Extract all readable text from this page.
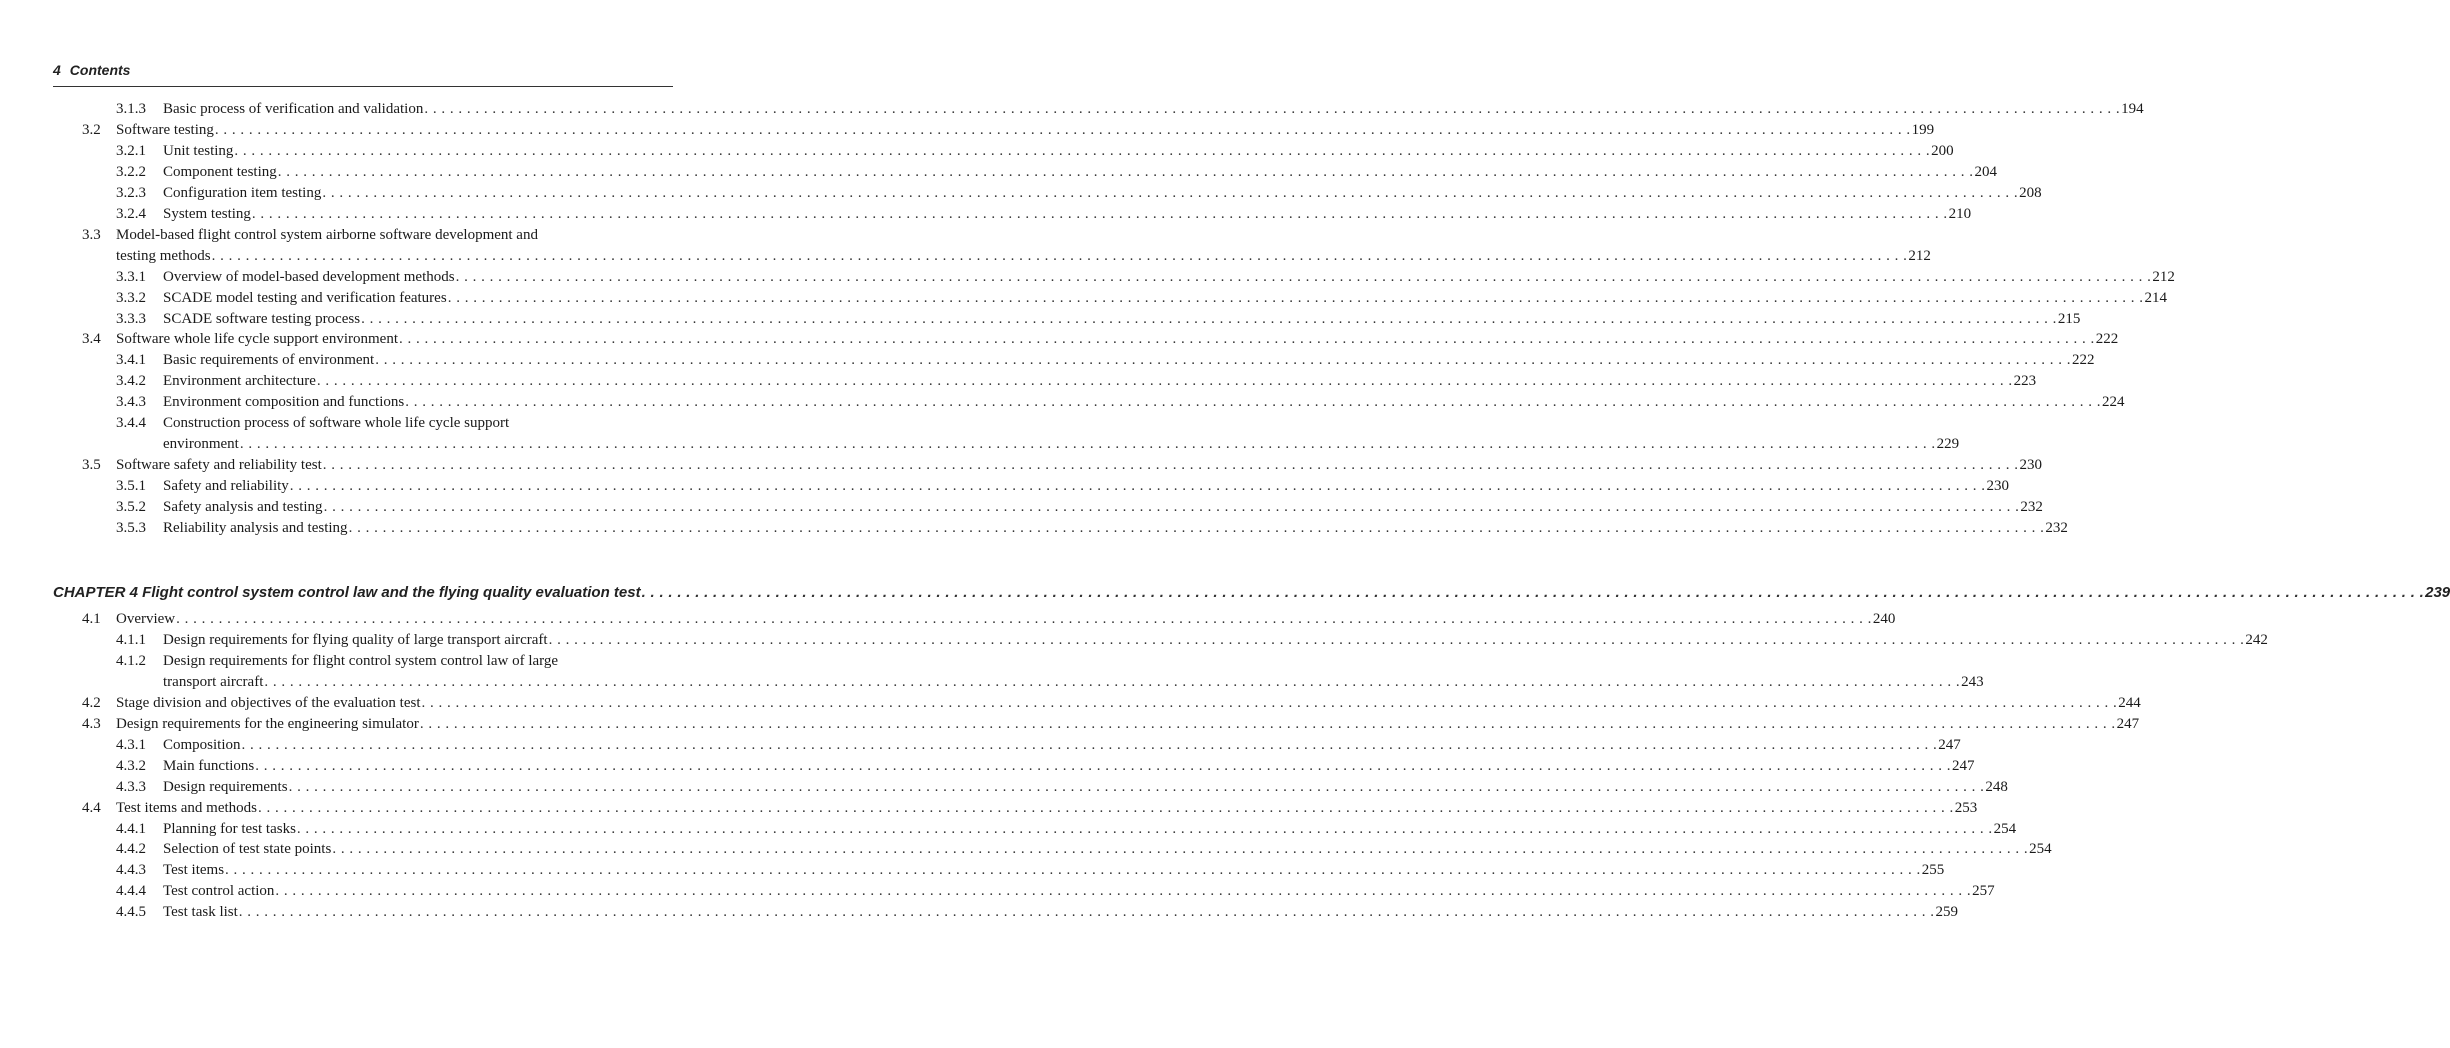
4 Contents
3.1.3 Basic process of verification and validation . . . . . . . . . . . . . . . . . . . . . . . . . . . . . . . . . . . . . . . . . . . . . . . . . . . . . . . . . . . . . . . . . . . . . . . . . . . . . . . . . . . . . . . . . . . . . . . . . . . . . . . . . . . . . . . . . . . . . . . . . . . . . . . . . . . . . . . . . . . . . . . . . . . . . . . . . . . . . . . . . . . . . . . . . . . . . . . . . . . . . . . . . . . . . . . . . . . . . . . . 194
3.2 Software testing . . . . . . . . . . . . . . . . . . . . . . . . . . . . . . . . . . . . . . . . . . . . . . . . . . . . . . . . . . . . . . . . . . . . . . . . . . . . . . . . . . . . . . . . . . . . . . . . . . . . . . . . . . . . . . . . . . . . . . . . . . . . . . . . . . . . . . . . . . . . . . . . . . . . . . . . . . . . . . . . . . . . . . . . . . . . . . . . . . . . . . . . . . . . . . . . . . . . . . . . 199
3.2.1 Unit testing . . . . . . . . . . . . . . . . . . . . . . . . . . . . . . . . . . . . . . . . . . . . . . . . . . . . . . . . . . . . . . . . . . . . . . . . . . . . . . . . . . . . . . . . . . . . . . . . . . . . . . . . . . . . . . . . . . . . . . . . . . . . . . . . . . . . . . . . . . . . . . . . . . . . . . . . . . . . . . . . . . . . . . . . . . . . . . . . . . . . . . . . . . . . . . . . . . . . . . . . 200
3.2.2 Component testing . . . . . . . . . . . . . . . . . . . . . . . . . . . . . . . . . . . . . . . . . . . . . . . . . . . . . . . . . . . . . . . . . . . . . . . . . . . . . . . . . . . . . . . . . . . . . . . . . . . . . . . . . . . . . . . . . . . . . . . . . . . . . . . . . . . . . . . . . . . . . . . . . . . . . . . . . . . . . . . . . . . . . . . . . . . . . . . . . . . . . . . . . . . . . . . . . . . . . . . . 204
3.2.3 Configuration item testing . . . . . . . . . . . . . . . . . . . . . . . . . . . . . . . . . . . . . . . . . . . . . . . . . . . . . . . . . . . . . . . . . . . . . . . . . . . . . . . . . . . . . . . . . . . . . . . . . . . . . . . . . . . . . . . . . . . . . . . . . . . . . . . . . . . . . . . . . . . . . . . . . . . . . . . . . . . . . . . . . . . . . . . . . . . . . . . . . . . . . . . . . . . . . . . . . . . . . . . . 208
3.2.4 System testing . . . . . . . . . . . . . . . . . . . . . . . . . . . . . . . . . . . . . . . . . . . . . . . . . . . . . . . . . . . . . . . . . . . . . . . . . . . . . . . . . . . . . . . . . . . . . . . . . . . . . . . . . . . . . . . . . . . . . . . . . . . . . . . . . . . . . . . . . . . . . . . . . . . . . . . . . . . . . . . . . . . . . . . . . . . . . . . . . . . . . . . . . . . . . . . . . . . . . . . . 210
3.3 Model-based flight control system airborne software development and
testing methods . . . . . . . . . . . . . . . . . . . . . . . . . . . . . . . . . . . . . . . . . . . . . . . . . . . . . . . . . . . . . . . . . . . . . . . . . . . . . . . . . . . . . . . . . . . . . . . . . . . . . . . . . . . . . . . . . . . . . . . . . . . . . . . . . . . . . . . . . . . . . . . . . . . . . . . . . . . . . . . . . . . . . . . . . . . . . . . . . . . . . . . . . . . . . . . . . . . . . . . . 212
3.3.1 Overview of model-based development methods . . . . . . . . . . . . . . . . . . . . . . . . . . . . . . . . . . . . . . . . . . . . . . . . . . . . . . . . . . . . . . . . . . . . . . . . . . . . . . . . . . . . . . . . . . . . . . . . . . . . . . . . . . . . . . . . . . . . . . . . . . . . . . . . . . . . . . . . . . . . . . . . . . . . . . . . . . . . . . . . . . . . . . . . . . . . . . . . . . . . . . . . . . . . . . . . . . . . . . . . 212
3.3.2 SCADE model testing and verification features . . . . . . . . . . . . . . . . . . . . . . . . . . . . . . . . . . . . . . . . . . . . . . . . . . . . . . . . . . . . . . . . . . . . . . . . . . . . . . . . . . . . . . . . . . . . . . . . . . . . . . . . . . . . . . . . . . . . . . . . . . . . . . . . . . . . . . . . . . . . . . . . . . . . . . . . . . . . . . . . . . . . . . . . . . . . . . . . . . . . . . . . . . . . . . . . . . . . . . . . 214
3.3.3 SCADE software testing process . . . . . . . . . . . . . . . . . . . . . . . . . . . . . . . . . . . . . . . . . . . . . . . . . . . . . . . . . . . . . . . . . . . . . . . . . . . . . . . . . . . . . . . . . . . . . . . . . . . . . . . . . . . . . . . . . . . . . . . . . . . . . . . . . . . . . . . . . . . . . . . . . . . . . . . . . . . . . . . . . . . . . . . . . . . . . . . . . . . . . . . . . . . . . . . . . . . . . . . . 215
3.4 Software whole life cycle support environment . . . . . . . . . . . . . . . . . . . . . . . . . . . . . . . . . . . . . . . . . . . . . . . . . . . . . . . . . . . . . . . . . . . . . . . . . . . . . . . . . . . . . . . . . . . . . . . . . . . . . . . . . . . . . . . . . . . . . . . . . . . . . . . . . . . . . . . . . . . . . . . . . . . . . . . . . . . . . . . . . . . . . . . . . . . . . . . . . . . . . . . . . . . . . . . . . . . . . . . . 222
3.4.1 Basic requirements of environment . . . . . . . . . . . . . . . . . . . . . . . . . . . . . . . . . . . . . . . . . . . . . . . . . . . . . . . . . . . . . . . . . . . . . . . . . . . . . . . . . . . . . . . . . . . . . . . . . . . . . . . . . . . . . . . . . . . . . . . . . . . . . . . . . . . . . . . . . . . . . . . . . . . . . . . . . . . . . . . . . . . . . . . . . . . . . . . . . . . . . . . . . . . . . . . . . . . . . . . . 222
3.4.2 Environment architecture . . . . . . . . . . . . . . . . . . . . . . . . . . . . . . . . . . . . . . . . . . . . . . . . . . . . . . . . . . . . . . . . . . . . . . . . . . . . . . . . . . . . . . . . . . . . . . . . . . . . . . . . . . . . . . . . . . . . . . . . . . . . . . . . . . . . . . . . . . . . . . . . . . . . . . . . . . . . . . . . . . . . . . . . . . . . . . . . . . . . . . . . . . . . . . . . . . . . . . . . 223
3.4.3 Environment composition and functions . . . . . . . . . . . . . . . . . . . . . . . . . . . . . . . . . . . . . . . . . . . . . . . . . . . . . . . . . . . . . . . . . . . . . . . . . . . . . . . . . . . . . . . . . . . . . . . . . . . . . . . . . . . . . . . . . . . . . . . . . . . . . . . . . . . . . . . . . . . . . . . . . . . . . . . . . . . . . . . . . . . . . . . . . . . . . . . . . . . . . . . . . . . . . . . . . . . . . . . . 224
3.4.4 Construction process of software whole life cycle support
environment . . . . . . . . . . . . . . . . . . . . . . . . . . . . . . . . . . . . . . . . . . . . . . . . . . . . . . . . . . . . . . . . . . . . . . . . . . . . . . . . . . . . . . . . . . . . . . . . . . . . . . . . . . . . . . . . . . . . . . . . . . . . . . . . . . . . . . . . . . . . . . . . . . . . . . . . . . . . . . . . . . . . . . . . . . . . . . . . . . . . . . . . . . . . . . . . . . . . . . . . 229
3.5 Software safety and reliability test . . . . . . . . . . . . . . . . . . . . . . . . . . . . . . . . . . . . . . . . . . . . . . . . . . . . . . . . . . . . . . . . . . . . . . . . . . . . . . . . . . . . . . . . . . . . . . . . . . . . . . . . . . . . . . . . . . . . . . . . . . . . . . . . . . . . . . . . . . . . . . . . . . . . . . . . . . . . . . . . . . . . . . . . . . . . . . . . . . . . . . . . . . . . . . . . . . . . . . . . 230
3.5.1 Safety and reliability . . . . . . . . . . . . . . . . . . . . . . . . . . . . . . . . . . . . . . . . . . . . . . . . . . . . . . . . . . . . . . . . . . . . . . . . . . . . . . . . . . . . . . . . . . . . . . . . . . . . . . . . . . . . . . . . . . . . . . . . . . . . . . . . . . . . . . . . . . . . . . . . . . . . . . . . . . . . . . . . . . . . . . . . . . . . . . . . . . . . . . . . . . . . . . . . . . . . . . . . 230
3.5.2 Safety analysis and testing . . . . . . . . . . . . . . . . . . . . . . . . . . . . . . . . . . . . . . . . . . . . . . . . . . . . . . . . . . . . . . . . . . . . . . . . . . . . . . . . . . . . . . . . . . . . . . . . . . . . . . . . . . . . . . . . . . . . . . . . . . . . . . . . . . . . . . . . . . . . . . . . . . . . . . . . . . . . . . . . . . . . . . . . . . . . . . . . . . . . . . . . . . . . . . . . . . . . . . . . 232
3.5.3 Reliability analysis and testing . . . . . . . . . . . . . . . . . . . . . . . . . . . . . . . . . . . . . . . . . . . . . . . . . . . . . . . . . . . . . . . . . . . . . . . . . . . . . . . . . . . . . . . . . . . . . . . . . . . . . . . . . . . . . . . . . . . . . . . . . . . . . . . . . . . . . . . . . . . . . . . . . . . . . . . . . . . . . . . . . . . . . . . . . . . . . . . . . . . . . . . . . . . . . . . . . . . . . . . . 232
CHAPTER 4 Flight control system control law and the flying quality evaluation test . . . . . . . . . . . . . . . . . . . . . . . . . . . . . . . . . . . . . . . . . . . . . . . . . . . . . . . . . . . . . . . . . . . . . . . . . . . . . . . . . . . . . . . . . . . . . . . . . . . . . . . . . . . . . . . . . . . . . . . . . . . . . . . . . . . . . . . . . . . . . . . . . . . . . . . . . . . . . . . . . . . . . . . . . . . . . . . . . . . . . . . . . . . . . . . . . . . . . . . . 239
4.1 Overview . . . . . . . . . . . . . . . . . . . . . . . . . . . . . . . . . . . . . . . . . . . . . . . . . . . . . . . . . . . . . . . . . . . . . . . . . . . . . . . . . . . . . . . . . . . . . . . . . . . . . . . . . . . . . . . . . . . . . . . . . . . . . . . . . . . . . . . . . . . . . . . . . . . . . . . . . . . . . . . . . . . . . . . . . . . . . . . . . . . . . . . . . . . . . . . . . . . . . . . . 240
4.1.1 Design requirements for flying quality of large transport aircraft . . . . . . . . . . . . . . . . . . . . . . . . . . . . . . . . . . . . . . . . . . . . . . . . . . . . . . . . . . . . . . . . . . . . . . . . . . . . . . . . . . . . . . . . . . . . . . . . . . . . . . . . . . . . . . . . . . . . . . . . . . . . . . . . . . . . . . . . . . . . . . . . . . . . . . . . . . . . . . . . . . . . . . . . . . . . . . . . . . . . . . . . . . . . . . . . . . . . . . . . 242
4.1.2 Design requirements for flight control system control law of large
transport aircraft . . . . . . . . . . . . . . . . . . . . . . . . . . . . . . . . . . . . . . . . . . . . . . . . . . . . . . . . . . . . . . . . . . . . . . . . . . . . . . . . . . . . . . . . . . . . . . . . . . . . . . . . . . . . . . . . . . . . . . . . . . . . . . . . . . . . . . . . . . . . . . . . . . . . . . . . . . . . . . . . . . . . . . . . . . . . . . . . . . . . . . . . . . . . . . . . . . . . . . . . 243
4.2 Stage division and objectives of the evaluation test . . . . . . . . . . . . . . . . . . . . . . . . . . . . . . . . . . . . . . . . . . . . . . . . . . . . . . . . . . . . . . . . . . . . . . . . . . . . . . . . . . . . . . . . . . . . . . . . . . . . . . . . . . . . . . . . . . . . . . . . . . . . . . . . . . . . . . . . . . . . . . . . . . . . . . . . . . . . . . . . . . . . . . . . . . . . . . . . . . . . . . . . . . . . . . . . . . . . . . . . 244
4.3 Design requirements for the engineering simulator . . . . . . . . . . . . . . . . . . . . . . . . . . . . . . . . . . . . . . . . . . . . . . . . . . . . . . . . . . . . . . . . . . . . . . . . . . . . . . . . . . . . . . . . . . . . . . . . . . . . . . . . . . . . . . . . . . . . . . . . . . . . . . . . . . . . . . . . . . . . . . . . . . . . . . . . . . . . . . . . . . . . . . . . . . . . . . . . . . . . . . . . . . . . . . . . . . . . . . . . 247
4.3.1 Composition . . . . . . . . . . . . . . . . . . . . . . . . . . . . . . . . . . . . . . . . . . . . . . . . . . . . . . . . . . . . . . . . . . . . . . . . . . . . . . . . . . . . . . . . . . . . . . . . . . . . . . . . . . . . . . . . . . . . . . . . . . . . . . . . . . . . . . . . . . . . . . . . . . . . . . . . . . . . . . . . . . . . . . . . . . . . . . . . . . . . . . . . . . . . . . . . . . . . . . . . 247
4.3.2 Main functions . . . . . . . . . . . . . . . . . . . . . . . . . . . . . . . . . . . . . . . . . . . . . . . . . . . . . . . . . . . . . . . . . . . . . . . . . . . . . . . . . . . . . . . . . . . . . . . . . . . . . . . . . . . . . . . . . . . . . . . . . . . . . . . . . . . . . . . . . . . . . . . . . . . . . . . . . . . . . . . . . . . . . . . . . . . . . . . . . . . . . . . . . . . . . . . . . . . . . . . . 247
4.3.3 Design requirements . . . . . . . . . . . . . . . . . . . . . . . . . . . . . . . . . . . . . . . . . . . . . . . . . . . . . . . . . . . . . . . . . . . . . . . . . . . . . . . . . . . . . . . . . . . . . . . . . . . . . . . . . . . . . . . . . . . . . . . . . . . . . . . . . . . . . . . . . . . . . . . . . . . . . . . . . . . . . . . . . . . . . . . . . . . . . . . . . . . . . . . . . . . . . . . . . . . . . . . . 248
4.4 Test items and methods . . . . . . . . . . . . . . . . . . . . . . . . . . . . . . . . . . . . . . . . . . . . . . . . . . . . . . . . . . . . . . . . . . . . . . . . . . . . . . . . . . . . . . . . . . . . . . . . . . . . . . . . . . . . . . . . . . . . . . . . . . . . . . . . . . . . . . . . . . . . . . . . . . . . . . . . . . . . . . . . . . . . . . . . . . . . . . . . . . . . . . . . . . . . . . . . . . . . . . . . 253
4.4.1 Planning for test tasks . . . . . . . . . . . . . . . . . . . . . . . . . . . . . . . . . . . . . . . . . . . . . . . . . . . . . . . . . . . . . . . . . . . . . . . . . . . . . . . . . . . . . . . . . . . . . . . . . . . . . . . . . . . . . . . . . . . . . . . . . . . . . . . . . . . . . . . . . . . . . . . . . . . . . . . . . . . . . . . . . . . . . . . . . . . . . . . . . . . . . . . . . . . . . . . . . . . . . . . . 254
4.4.2 Selection of test state points . . . . . . . . . . . . . . . . . . . . . . . . . . . . . . . . . . . . . . . . . . . . . . . . . . . . . . . . . . . . . . . . . . . . . . . . . . . . . . . . . . . . . . . . . . . . . . . . . . . . . . . . . . . . . . . . . . . . . . . . . . . . . . . . . . . . . . . . . . . . . . . . . . . . . . . . . . . . . . . . . . . . . . . . . . . . . . . . . . . . . . . . . . . . . . . . . . . . . . . . 254
4.4.3 Test items . . . . . . . . . . . . . . . . . . . . . . . . . . . . . . . . . . . . . . . . . . . . . . . . . . . . . . . . . . . . . . . . . . . . . . . . . . . . . . . . . . . . . . . . . . . . . . . . . . . . . . . . . . . . . . . . . . . . . . . . . . . . . . . . . . . . . . . . . . . . . . . . . . . . . . . . . . . . . . . . . . . . . . . . . . . . . . . . . . . . . . . . . . . . . . . . . . . . . . . . 255
4.4.4 Test control action . . . . . . . . . . . . . . . . . . . . . . . . . . . . . . . . . . . . . . . . . . . . . . . . . . . . . . . . . . . . . . . . . . . . . . . . . . . . . . . . . . . . . . . . . . . . . . . . . . . . . . . . . . . . . . . . . . . . . . . . . . . . . . . . . . . . . . . . . . . . . . . . . . . . . . . . . . . . . . . . . . . . . . . . . . . . . . . . . . . . . . . . . . . . . . . . . . . . . . . . 257
4.4.5 Test task list . . . . . . . . . . . . . . . . . . . . . . . . . . . . . . . . . . . . . . . . . . . . . . . . . . . . . . . . . . . . . . . . . . . . . . . . . . . . . . . . . . . . . . . . . . . . . . . . . . . . . . . . . . . . . . . . . . . . . . . . . . . . . . . . . . . . . . . . . . . . . . . . . . . . . . . . . . . . . . . . . . . . . . . . . . . . . . . . . . . . . . . . . . . . . . . . . . . . . . . . 259
